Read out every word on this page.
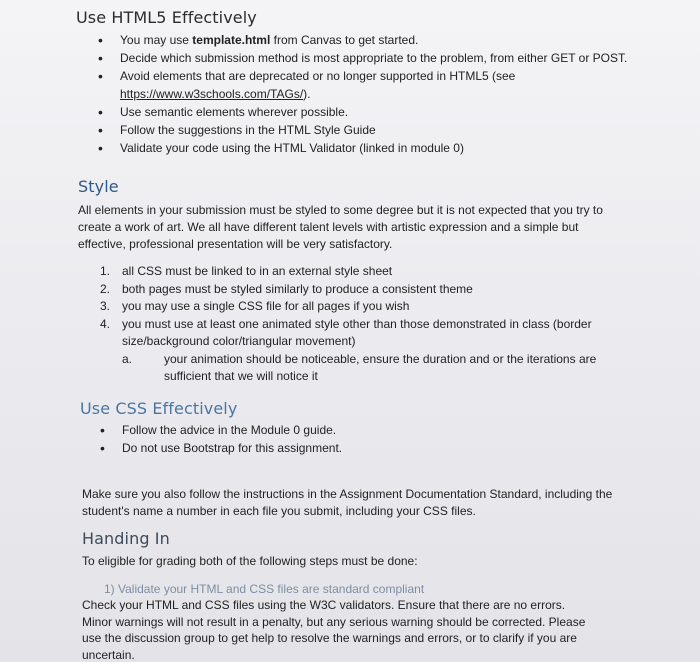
Use HTML5 Effectively
• You may use template.html from Canvas to get started.
• Decide which submission method is most appropriate to the problem, from either GET or POST.
• Avoid elements that are deprecated or no longer supported in HTML5 (see
https://www.w3schools.com/TAGs/).
• Use semantic elements wherever possible.
• Follow the suggestions in the HTML Style Guide
• Validate your code using the HTML Validator (linked in module 0)
Style
All elements in your submission must be styled to some degree but it is not expected that you try to create a work of art. We all have different talent levels with artistic expression and a simple but effective, professional presentation will be very satisfactory.
1. all CSS must be linked to in an external style sheet
2. both pages must be styled similarly to produce a consistent theme
3. you may use a single CSS file for all pages if you wish
4. you must use at least one animated style other than those demonstrated in class (border size/background color/triangular movement)
a.	your animation should be noticeable, ensure the duration and or the iterations are sufficient that we will notice it
Use CSS Effectively
• Follow the advice in the Module 0 guide.
• Do not use Bootstrap for this assignment.
Make sure you also follow the instructions in the Assignment Documentation Standard, including the student's name a number in each file you submit, including your CSS files.
Handing In
To eligible for grading both of the following steps must be done:
1) Validate your HTML and CSS files are standard compliant
Check your HTML and CSS files using the W3C validators. Ensure that there are no errors. Minor warnings will not result in a penalty, but any serious warning should be corrected. Please use the discussion group to get help to resolve the warnings and errors, or to clarify if you are uncertain.
